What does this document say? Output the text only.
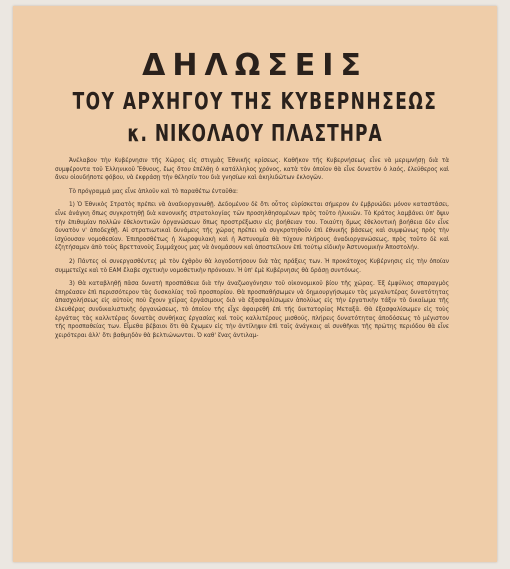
ΔΗΛΩΣΕΙΣ
ΤΟΥ ΑΡΧΗΓΟΥ ΤΗΣ ΚΥΒΕΡΝΗΣΕΩΣ
κ. ΝΙΚΟΛΑΟΥ ΠΛΑΣΤΗΡΑ

Ἀνέλαβον τὴν Κυβέρνησιν τῆς Χώρας εἰς στιγμὰς Ἐθνικῆς κρίσεως. Καθῆκον τῆς Κυβερνήσεως εἶνε νὰ μεριμνήσῃ διὰ τὰ συμφέροντα τοῦ Ἑλληνικοῦ Ἔθνους, ἕως ὅτου ἐπέλθῃ ὁ κατάλληλος χρόνος, κατὰ τὸν ὁποῖον θὰ εἶνε δυνατὸν ὁ λαός, ἐλεύθερος καὶ ἄνευ οἱουδήποτε φόβου, νὰ ἐκφράσῃ τὴν θέλησίν του διὰ γνησίων καὶ ἀκηλιδώτων ἐκλογῶν.

Τὸ πρόγραμμά μας εἶνε ἁπλοῦν καὶ τὸ παραθέτω ἐνταῦθα:

1) Ὁ Ἐθνικὸς Στρατὸς πρέπει νὰ ἀναδιοργανωθῇ. Δεδομένου δὲ ὅτι οὗτος εὑρίσκεται σήμερον ἐν ἐμβρυώδει μόνον καταστάσει, εἶνε ἀνάγκη ὅπως συγκροτηθῇ διὰ κανονικῆς στρατολογίας τῶν προσηλθησομένων πρὸς τοῦτο ἡλικιῶν. Τὸ Κράτος λαμβάνει ὑπ' ὄψιν τὴν ἐπιθυμίαν πολλῶν ἐθελοντικῶν ὀργανώσεων ὅπως προστρέξωσιν εἰς βοήθειαν του. Τοιαύτη ὅμως ἐθελοντικὴ βοήθεια δὲν εἶνε δυνατὸν ν' ἀποδεχθῇ. Αἱ στρατιωτικαὶ δυνάμεις τῆς χώρας πρέπει νὰ συγκροτηθοῦν ἐπὶ ἐθνικῆς βάσεως καὶ συμφώνως πρὸς τὴν ἰσχύουσαν νομοθεσίαν. Ἐπιπροσθέτως ἡ Χωροφυλακὴ καὶ ἡ Ἀστυνομία θὰ τύχουν πλήρους ἀναδιοργανώσεως, πρὸς τοῦτο δὲ καὶ ἐζητήσαμεν ἀπὸ τοὺς Βρεττανοὺς Συμμάχους μας νὰ ὀνομάσουν καὶ ἀποστείλουν ἐπὶ τούτῳ εἰδικὴν Ἀστυνομικὴν Ἀποστολήν.

2) Πάντες οἱ συνεργασθέντες μὲ τὸν ἐχθρὸν θὰ λογοδοτήσουν διὰ τὰς πράξεις των. Ἡ προκάτοχος Κυβέρνησις εἰς τὴν ὁποίαν συμμετεῖχε καὶ τὸ ΕΑΜ ἔλαβε σχετικὴν νομοθετικὴν πρόνοιαν. Ἡ ὑπ' ἐμὲ Κυβέρνησις θὰ δράσῃ συντόνως.

3) Θὰ καταβληθῇ πᾶσα δυνατὴ προσπάθεια διὰ τὴν ἀναζωογόνησιν τοῦ οἰκονομικοῦ βίου τῆς χώρας. Ἐξ ἐμφύλιος σπαραγμὸς ἐπηρέασεν ἐπὶ περισσότερον τὰς δυσκολίας τοῦ προσπορίου. Θὰ προσπαθήσωμεν νὰ δημιουργήσωμεν τὰς μεγαλυτέρας δυνατότητας ἀπασχολήσεως εἰς αὐτοὺς ποὺ ἔχουν χεῖρας ἐργάσιμους διὰ νὰ ἐξασφαλίσωμεν ἀπολύως εἰς τὴν ἐργατικὴν τάξιν τὸ δικαίωμα τῆς ἐλευθέρας συνδικαλιστικῆς ὀργανώσεως, τὸ ὁποῖον τῆς εἶχε ἀφαιρεθῆ ἐπὶ τῆς δικτατορίας Μεταξᾶ. Θὰ ἐξασφαλίσωμεν εἰς τοὺς ἐργάτας τὰς καλλιτέρας δυνατὰς συνθήκας ἐργασίας καὶ τοὺς καλλιτέρους μισθούς, πλήρεις δυνατότητας ἀποδόσεως τὸ μέγιστον τῆς προσπαθείας των. Εἶμεθα βέβαιοι ὅτι θὰ ἔχωμεν εἰς τὴν ἀντίληψιν ἐπὶ ταῖς ἀνάγκαις αἱ συνθῆκαι τῆς πρώτης περιόδου θὰ εἶνε χειρότεραι ἀλλ' ὅτι βαθμηδὸν θὰ βελτιώνωνται. Ὁ καθ' ἕνας ἀντιλαμ-
